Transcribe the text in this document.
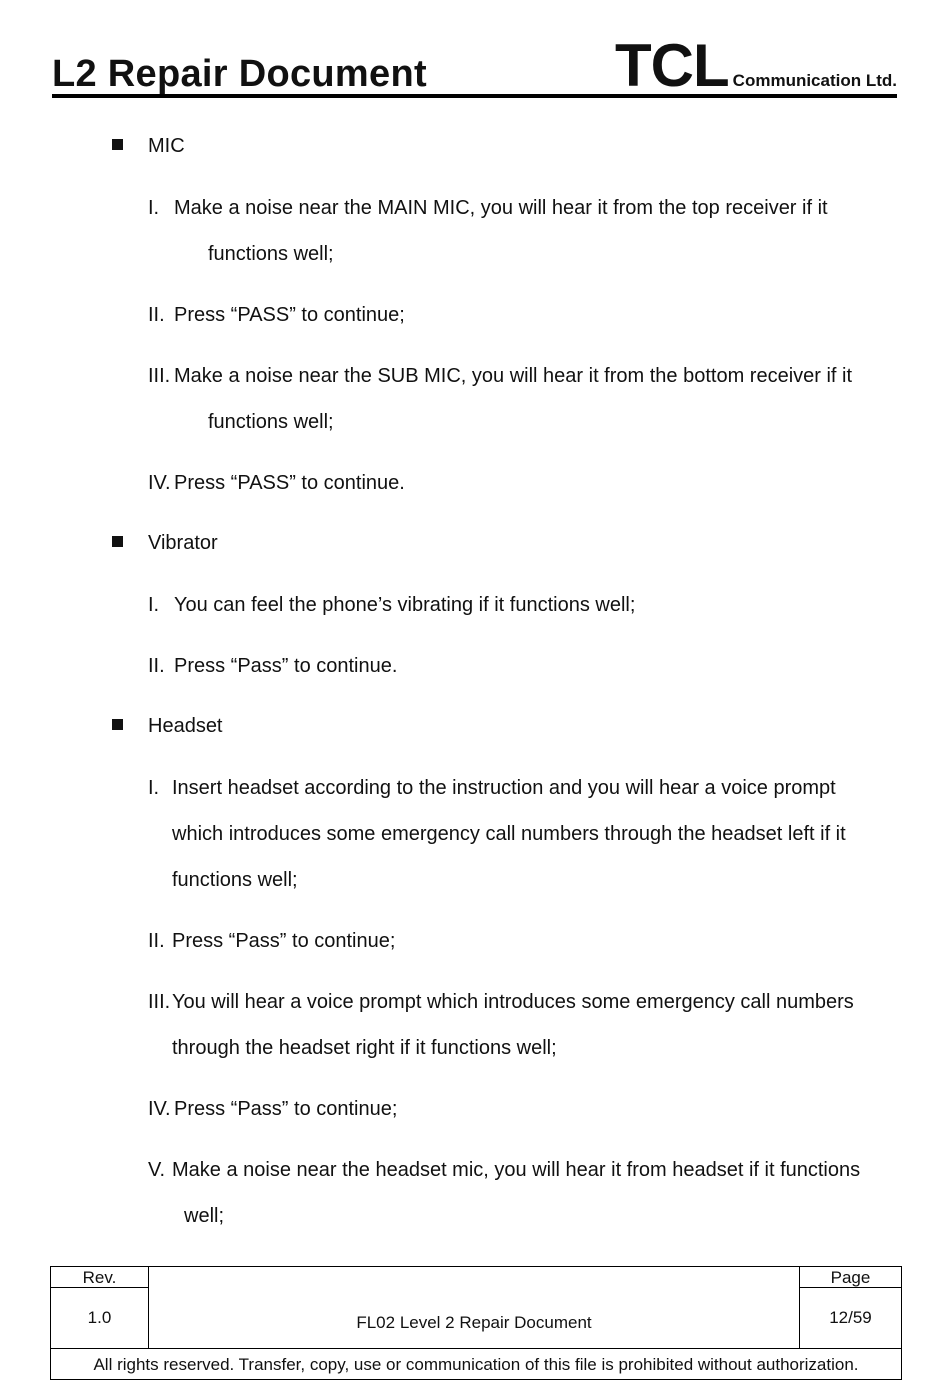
L2 Repair Document	TCL Communication Ltd.
MIC
I. Make a noise near the MAIN MIC, you will hear it from the top receiver if it
functions well;
II. Press “PASS” to continue;
III. Make a noise near the SUB MIC, you will hear it from the bottom receiver if it
functions well;
IV. Press “PASS” to continue.
Vibrator
I. You can feel the phone’s vibrating if it functions well;
II. Press “Pass” to continue.
Headset
I. Insert headset according to the instruction and you will hear a voice prompt
which introduces some emergency call numbers through the headset left if it
functions well;
II. Press “Pass” to continue;
III. You will hear a voice prompt which introduces some emergency call numbers
through the headset right if it functions well;
IV. Press “Pass” to continue;
V. Make a noise near the headset mic, you will hear it from headset if it functions
well;
Rev.
1.0	FL02 Level 2 Repair Document
Page
12/59
All rights reserved. Transfer, copy, use or communication of this file is prohibited without authorization.
